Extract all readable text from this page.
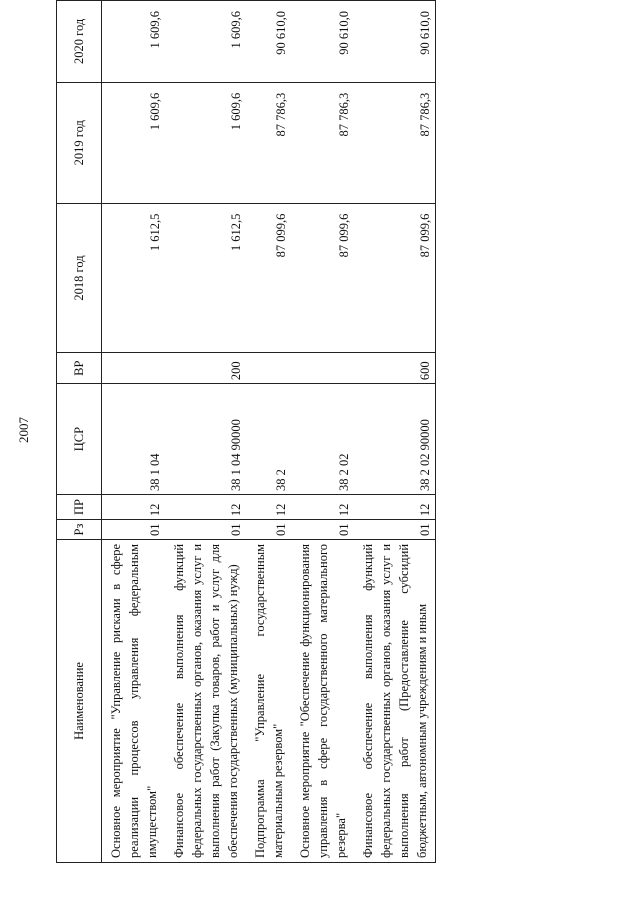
2007
Наименование	Рз	ПР	ЦСР	ВР	2018 год	2019 год	2020 год
Основное мероприятие "Управление рисками в сфере реализации процессов управления федеральным имуществом"	01	12	38 1 04		1 612,5	1 609,6	1 609,6
Финансовое обеспечение выполнения функций федеральных государственных органов, оказания услуг и выполнения работ (Закупка товаров, работ и услуг для обеспечения государственных (муниципальных) нужд)	01	12	38 1 04 90000	200	1 612,5	1 609,6	1 609,6
Подпрограмма "Управление государственным материальным резервом"	01	12	38 2		87 099,6	87 786,3	90 610,0
Основное мероприятие "Обеспечение функционирования управления в сфере государственного материального резерва"	01	12	38 2 02		87 099,6	87 786,3	90 610,0
Финансовое обеспечение выполнения функций федеральных государственных органов, оказания услуг и выполнения работ (Предоставление субсидий бюджетным, автономным учреждениям и иным	01	12	38 2 02 90000	600	87 099,6	87 786,3	90 610,0
